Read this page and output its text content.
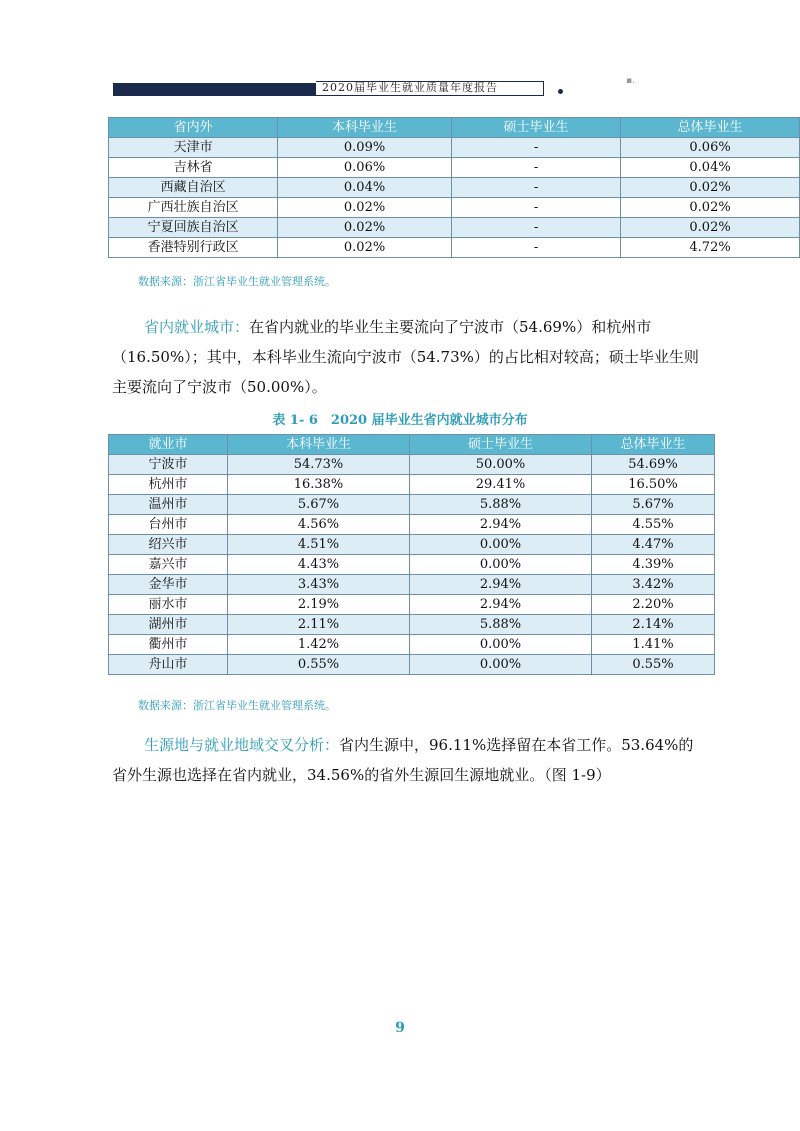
2020届毕业生就业质量年度报告	▪.
省内外	本科毕业生	硕士毕业生	总体毕业生
天津市	0.09%	-	0.06%
吉林省	0.06%	-	0.04%
西藏自治区	0.04%	-	0.02%
广西壮族自治区	0.02%	-	0.02%
宁夏回族自治区	0.02%	-	0.02%
香港特别行政区	0.02%	-	4.72%
数据来源：浙江省毕业生就业管理系统。
省内就业城市：在省内就业的毕业生主要流向了宁波市（54.69%）和杭州市（16.50%）；其中，本科毕业生流向宁波市（54.73%）的占比相对较高；硕士毕业生则主要流向了宁波市（50.00%）。
表 1- 6　2020 届毕业生省内就业城市分布
就业市	本科毕业生	硕士毕业生	总体毕业生
宁波市	54.73%	50.00%	54.69%
杭州市	16.38%	29.41%	16.50%
温州市	5.67%	5.88%	5.67%
台州市	4.56%	2.94%	4.55%
绍兴市	4.51%	0.00%	4.47%
嘉兴市	4.43%	0.00%	4.39%
金华市	3.43%	2.94%	3.42%
丽水市	2.19%	2.94%	2.20%
湖州市	2.11%	5.88%	2.14%
衢州市	1.42%	0.00%	1.41%
舟山市	0.55%	0.00%	0.55%
数据来源：浙江省毕业生就业管理系统。
生源地与就业地域交叉分析：省内生源中，96.11%选择留在本省工作。53.64%的省外生源也选择在省内就业，34.56%的省外生源回生源地就业。（图 1-9）
9
